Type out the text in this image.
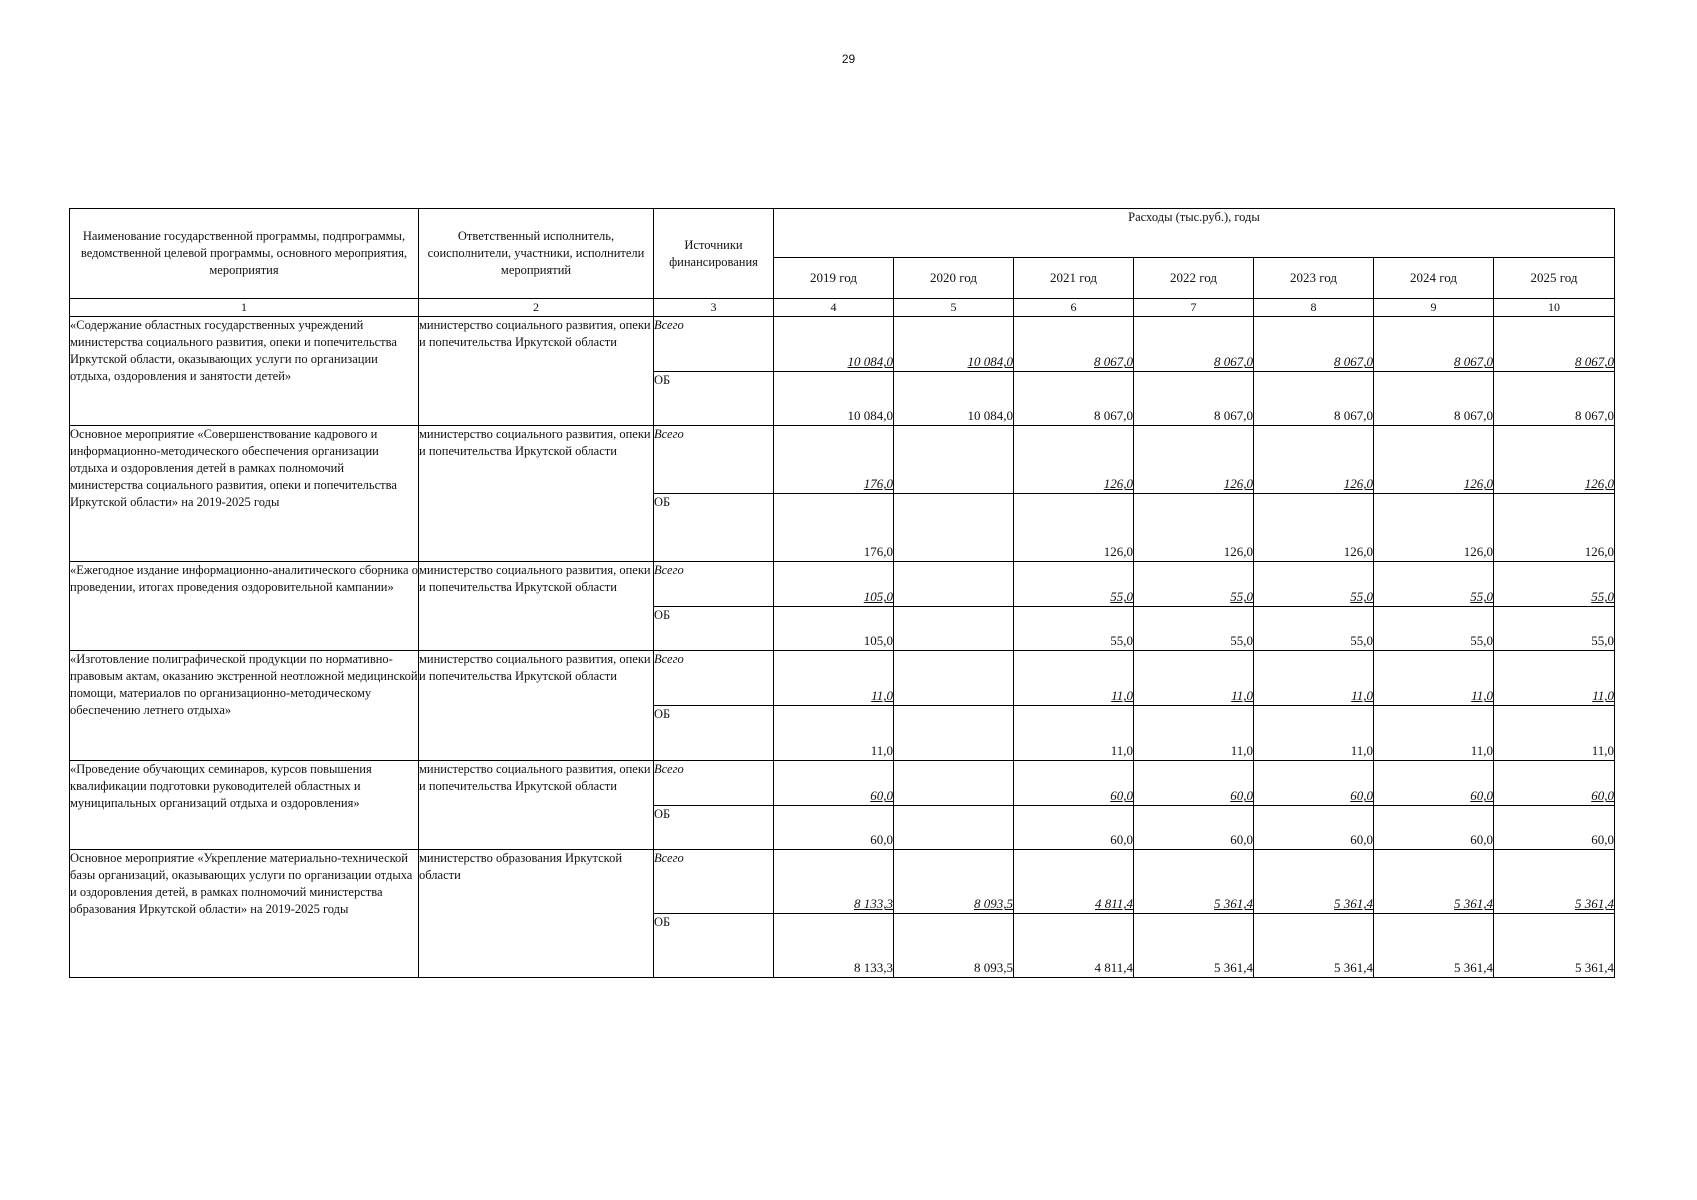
29
Наименование государственной программы, подпрограммы, ведомственной целевой программы, основного мероприятия, мероприятия	Ответственный исполнитель, соисполнители, участники, исполнители мероприятий	Источники финансирования	Расходы (тыс.руб.), годы						
			2019 год	2020 год	2021 год	2022 год	2023 год	2024 год	2025 год
1	2	3	4	5	6	7	8	9	10
«Содержание областных государственных учреждений министерства социального развития, опеки и попечительства Иркутской области, оказывающих услуги по организации отдыха, оздоровления и занятости детей»	министерство социального развития, опеки и попечительства Иркутской области	Всего	10 084,0	10 084,0	8 067,0	8 067,0	8 067,0	8 067,0	8 067,0
		ОБ	10 084,0	10 084,0	8 067,0	8 067,0	8 067,0	8 067,0	8 067,0
Основное мероприятие «Совершенствование кадрового и информационно-методического обеспечения организации отдыха и оздоровления детей в рамках полномочий министерства социального развития, опеки и попечительства Иркутской области» на 2019-2025 годы	министерство социального развития, опеки и попечительства Иркутской области	Всего	176,0		126,0	126,0	126,0	126,0	126,0
		ОБ	176,0		126,0	126,0	126,0	126,0	126,0
«Ежегодное издание информационно-аналитического сборника о проведении, итогах проведения оздоровительной кампании»	министерство социального развития, опеки и попечительства Иркутской области	Всего	105,0		55,0	55,0	55,0	55,0	55,0
		ОБ	105,0		55,0	55,0	55,0	55,0	55,0
«Изготовление полиграфической продукции по нормативно-правовым актам, оказанию экстренной неотложной медицинской помощи, материалов по организационно-методическому обеспечению летнего отдыха»	министерство социального развития, опеки и попечительства Иркутской области	Всего	11,0		11,0	11,0	11,0	11,0	11,0
		ОБ	11,0		11,0	11,0	11,0	11,0	11,0
«Проведение обучающих семинаров, курсов повышения квалификации подготовки руководителей областных и муниципальных организаций отдыха и оздоровления»	министерство социального развития, опеки и попечительства Иркутской области	Всего	60,0		60,0	60,0	60,0	60,0	60,0
		ОБ	60,0		60,0	60,0	60,0	60,0	60,0
Основное мероприятие «Укрепление материально-технической базы организаций, оказывающих услуги по организации отдыха и оздоровления детей, в рамках полномочий министерства образования Иркутской области» на 2019-2025 годы	министерство образования Иркутской области	Всего	8 133,3	8 093,5	4 811,4	5 361,4	5 361,4	5 361,4	5 361,4
		ОБ	8 133,3	8 093,5	4 811,4	5 361,4	5 361,4	5 361,4	5 361,4
